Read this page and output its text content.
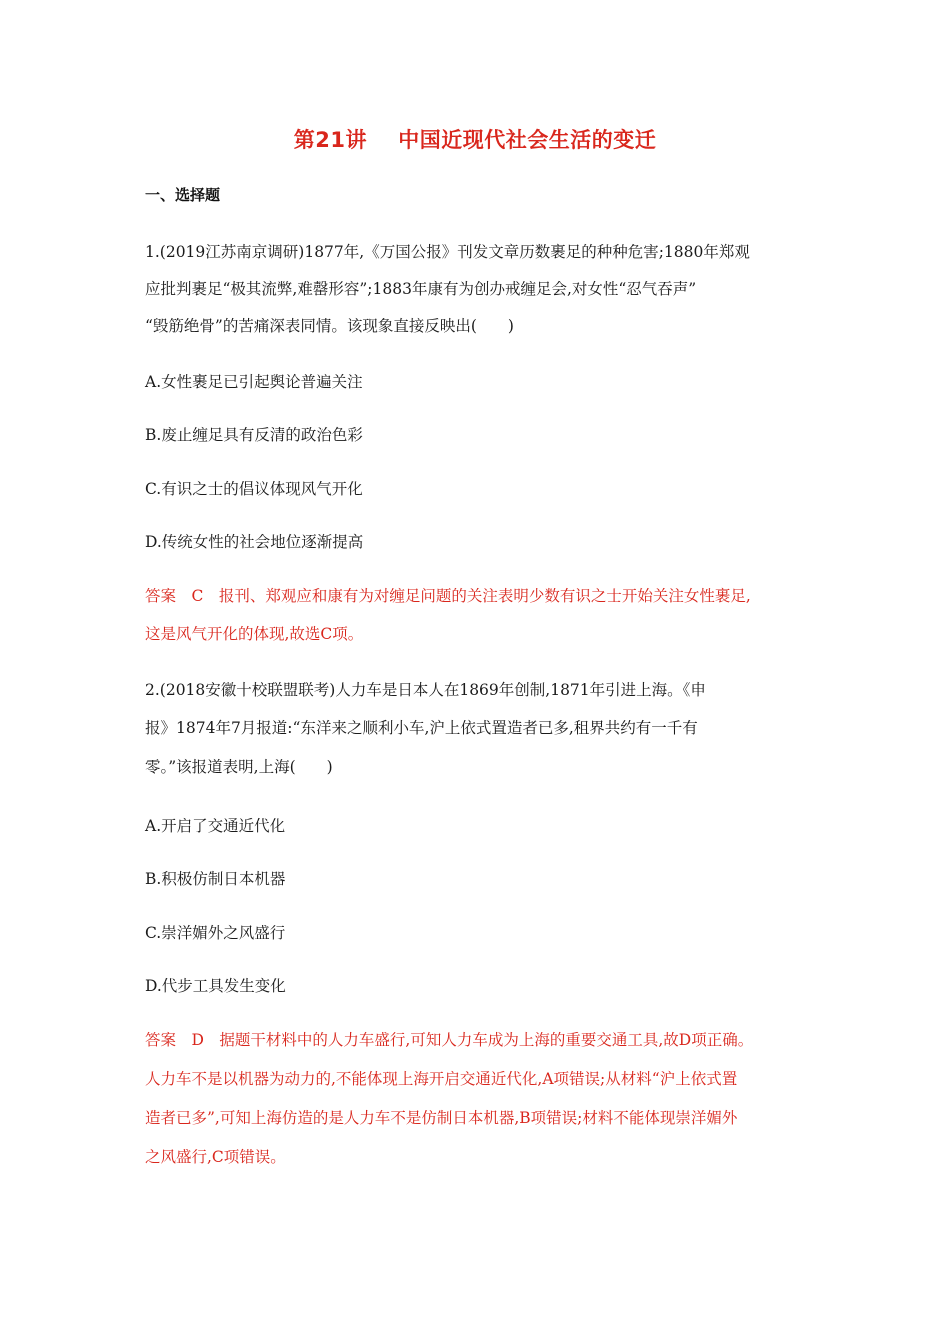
第21讲    中国近现代社会生活的变迁
一、选择题
1.(2019江苏南京调研)1877年,《万国公报》刊发文章历数裹足的种种危害;1880年郑观
应批判裹足“极其流弊,难罄形容”;1883年康有为创办戒缠足会,对女性“忍气吞声”
“毁筋绝骨”的苦痛深表同情。该现象直接反映出(　　)
A.女性裹足已引起舆论普遍关注
B.废止缠足具有反清的政治色彩
C.有识之士的倡议体现风气开化
D.传统女性的社会地位逐渐提高
答案　C　报刊、郑观应和康有为对缠足问题的关注表明少数有识之士开始关注女性裹足,
这是风气开化的体现,故选C项。
2.(2018安徽十校联盟联考)人力车是日本人在1869年创制,1871年引进上海。《申
报》1874年7月报道:“东洋来之顺利小车,沪上依式置造者已多,租界共约有一千有
零。”该报道表明,上海(　　)
A.开启了交通近代化
B.积极仿制日本机器
C.崇洋媚外之风盛行
D.代步工具发生变化
答案　D　据题干材料中的人力车盛行,可知人力车成为上海的重要交通工具,故D项正确。
人力车不是以机器为动力的,不能体现上海开启交通近代化,A项错误;从材料“沪上依式置
造者已多”,可知上海仿造的是人力车不是仿制日本机器,B项错误;材料不能体现崇洋媚外
之风盛行,C项错误。
